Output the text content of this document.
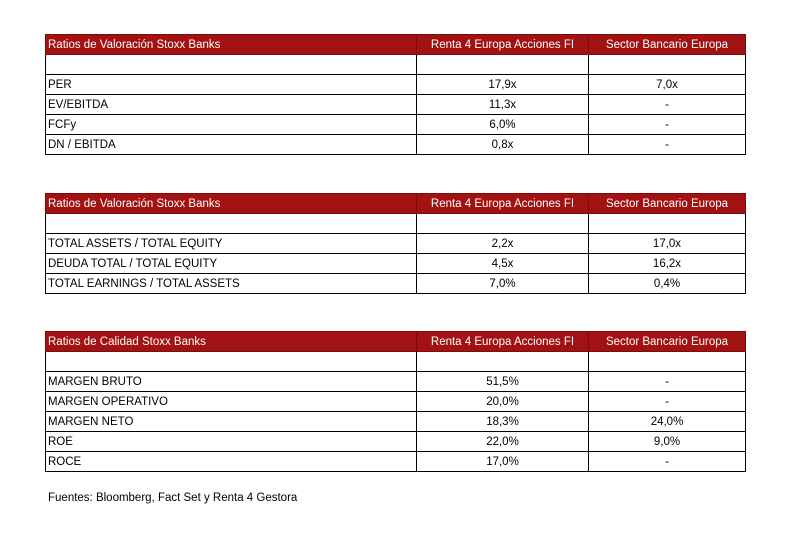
Ratios de Valoración Stoxx Banks	Renta 4 Europa Acciones FI	Sector Bancario Europa

PER	17,9x	7,0x
EV/EBITDA	11,3x	-
FCFy	6,0%	-
DN / EBITDA	0,8x	-
Ratios de Valoración Stoxx Banks	Renta 4 Europa Acciones FI	Sector Bancario Europa

TOTAL ASSETS / TOTAL EQUITY	2,2x	17,0x
DEUDA TOTAL / TOTAL EQUITY	4,5x	16,2x
TOTAL EARNINGS / TOTAL ASSETS	7,0%	0,4%
Ratios de Calidad Stoxx Banks	Renta 4 Europa Acciones FI	Sector Bancario Europa

MARGEN BRUTO	51,5%	-
MARGEN OPERATIVO	20,0%	-
MARGEN NETO	18,3%	24,0%
ROE	22,0%	9,0%
ROCE	17,0%	-
Fuentes: Bloomberg, Fact Set y Renta 4 Gestora
